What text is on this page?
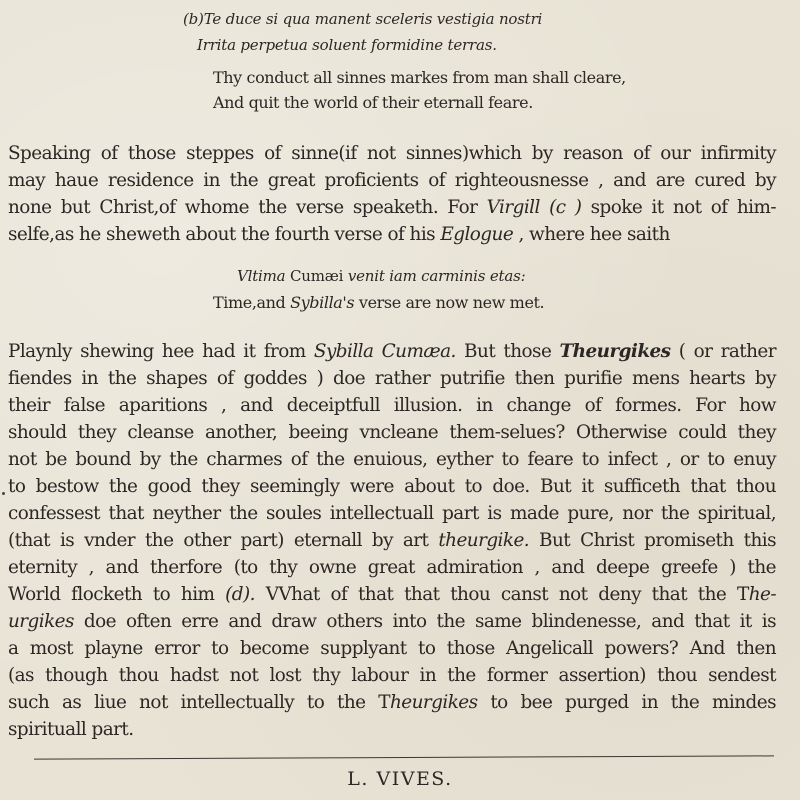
(b)Te duce si qua manent sceleris vestigia nostri
Irrita perpetua soluent formidine terras.
Thy conduct all sinnes markes from man shall cleare,
And quit the world of their eternall feare.
Speaking of those steppes of sinne(if not sinnes)which by reason of our infirmity
may haue residence in the great proficients of righteousnesse , and are cured by
none but Christ,of whome the verse speaketh. For Virgill (c ) spoke it not of him-
selfe,as he sheweth about the fourth verse of his Eglogue , where hee saith
Vltima Cumæi venit iam carminis etas:
Time,and Sybilla's verse are now new met.
Playnly shewing hee had it from Sybilla Cumæa. But those Theurgikes ( or rather
fiendes in the shapes of goddes ) doe rather putrifie then purifie mens hearts by
their false aparitions , and deceiptfull illusion. in change of formes. For how
should they cleanse another, beeing vncleane them-selues? Otherwise could they
not be bound by the charmes of the enuious, eyther to feare to infect , or to enuy
to bestow the good they seemingly were about to doe. But it sufficeth that thou
confessest that neyther the soules intellectuall part is made pure, nor the spiritual,
(that is vnder the other part) eternall by art theurgike. But Christ promiseth this
eternity , and therfore (to thy owne great admiration , and deepe greefe ) the
World flocketh to him (d). VVhat of that that thou canst not deny that the The-
urgikes doe often erre and draw others into the same blindenesse, and that it is
a most playne error to become supplyant to those Angelicall powers? And then
(as though thou hadst not lost thy labour in the former assertion) thou sendest
such as liue not intellectually to the Theurgikes to bee purged in the mindes
spirituall part.
L. VIVES.
